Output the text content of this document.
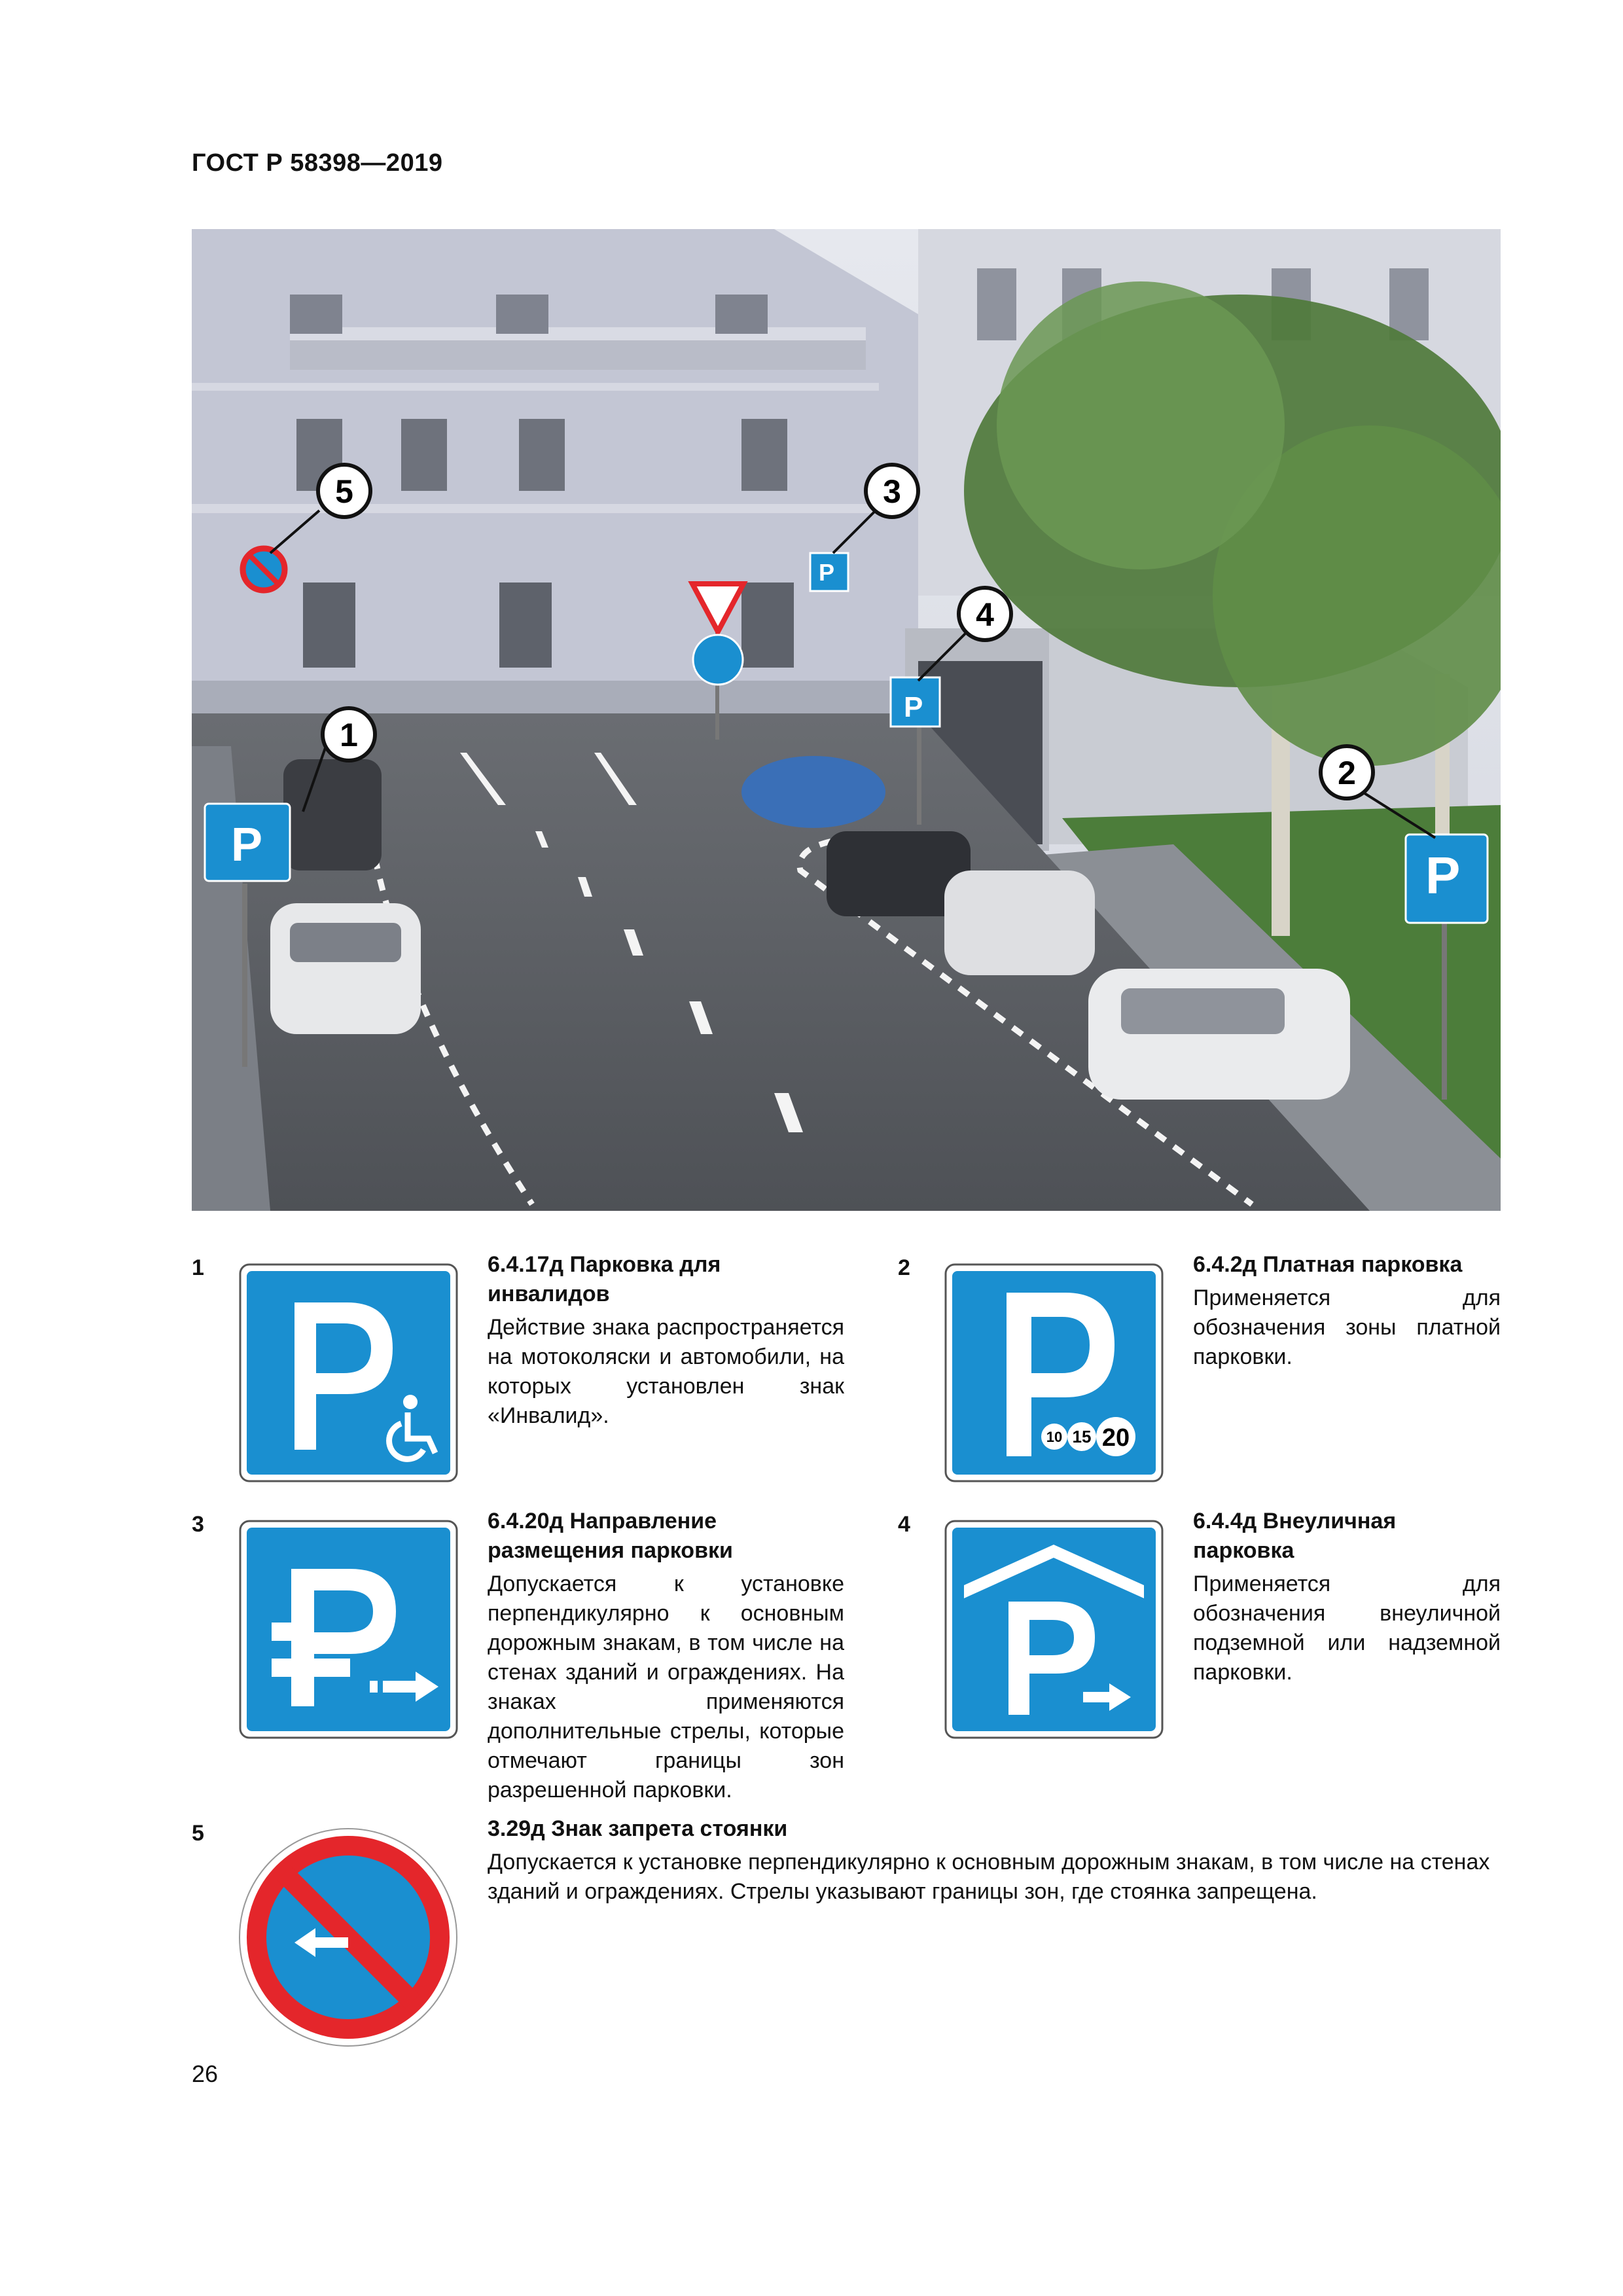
ГОСТ Р 58398—2019
P
P
P
P
1
2
3
4
5
1	6.4.17д Парковка для инвалидов
Действие знака распространяется на мотоколяски и автомобили, на которых установлен знак «Инвалид».
2
10 15 20
6.4.2д Платная парковка
Применяется для обозначения зоны платной парковки.
3	6.4.20д Направление размещения парковки
Допускается к установке перпендикулярно к основным дорожным знакам, в том числе на стенах зданий и ограждениях. На знаках применяются дополнительные стрелы, которые отмечают границы зон разрешенной парковки.
4	6.4.4д Внеуличная парковка
Применяется для обозначения внеуличной подземной или надземной парковки.
5	3.29д Знак запрета стоянки
Допускается к установке перпендикулярно к основным дорожным знакам, в том числе на стенах зданий и ограждениях. Стрелы указывают границы зон, где стоянка запрещена.
26
